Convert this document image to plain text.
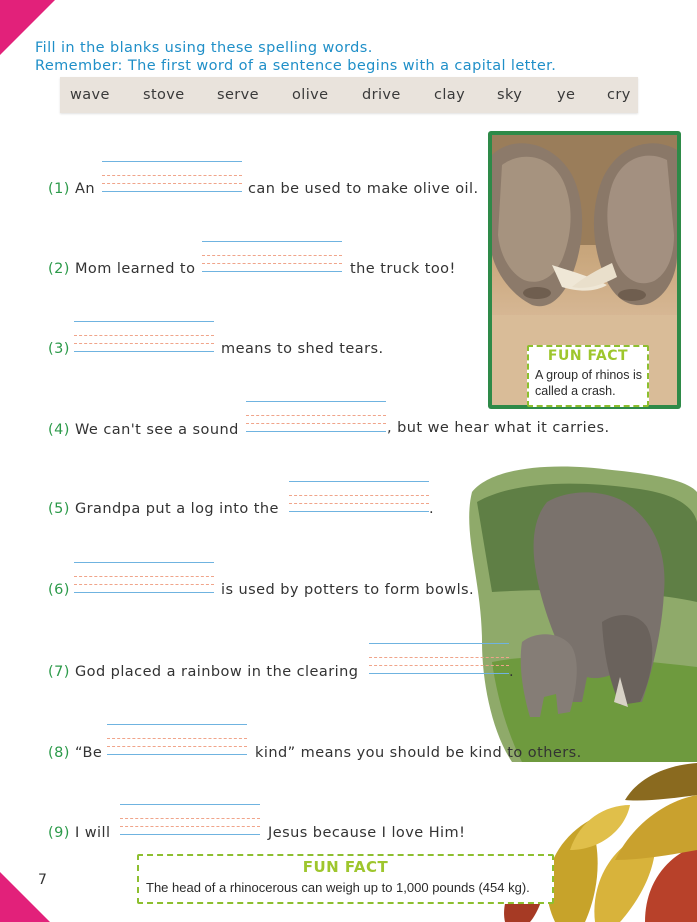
Fill in the blanks using these spelling words.
Remember: The first word of a sentence begins with a capital letter.
wave stove serve olive drive clay sky ye cry
FUN FACT
A group of rhinos is called a crash.
(1) An	can be used to make olive oil.
(2) Mom learned to	the truck too!
(3)	means to shed tears.
(4) We can't see a sound	, but we hear what it carries.
(5) Grandpa put a log into the	.
(6)	is used by potters to form bowls.
(7) God placed a rainbow in the clearing	.
(8) “Be	kind” means you should be kind to others.
(9) I will	Jesus because I love Him!
FUN FACT
The head of a rhinocerous can weigh up to 1,000 pounds (454 kg).
7
